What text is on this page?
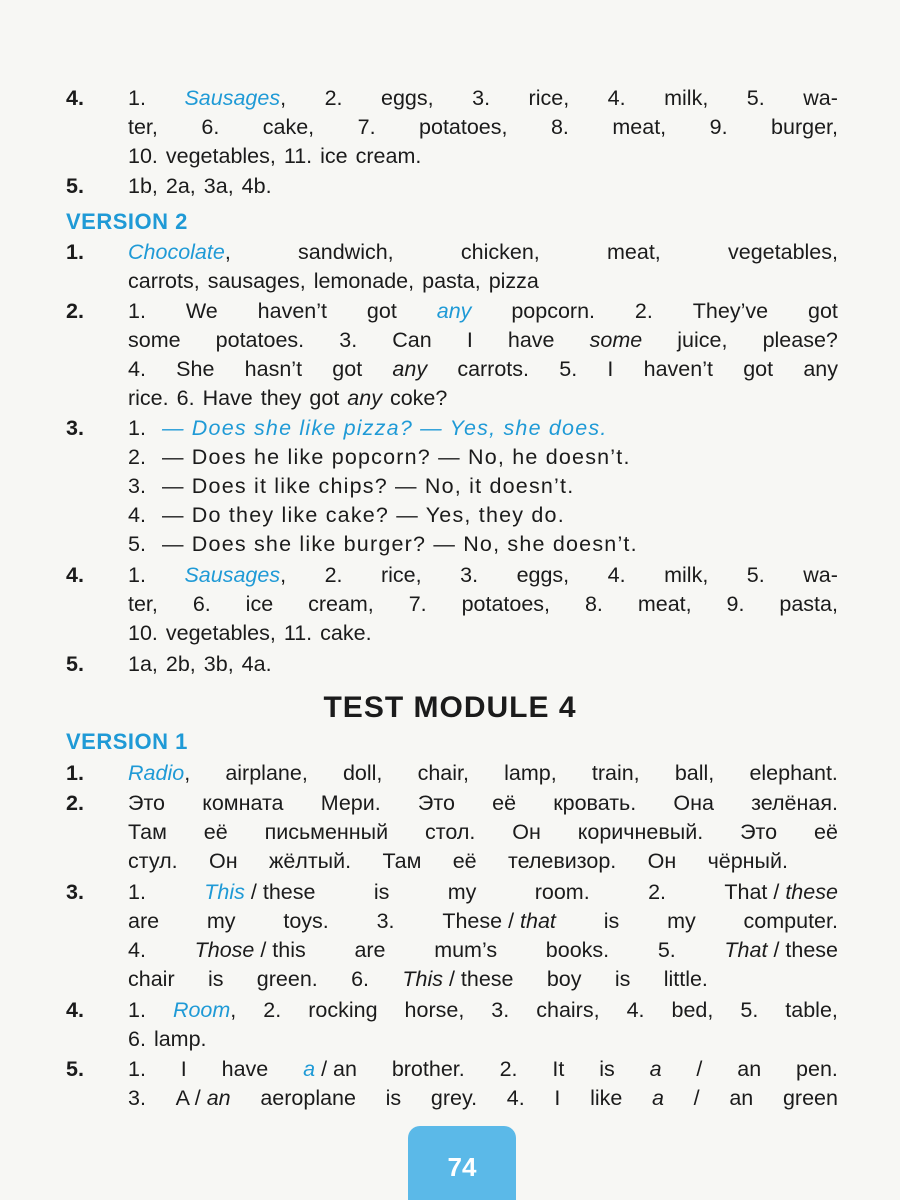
4.	1. Sausages, 2. eggs, 3. rice, 4. milk, 5. wa-
ter, 6. cake, 7. potatoes, 8. meat, 9. burger,
10. vegetables, 11. ice cream.
5.	1b, 2a, 3a, 4b.
VERSION 2
1.	Chocolate,	sandwich,	chicken,	meat,	vegetables,
carrots, sausages, lemonade, pasta, pizza
2.	1. We haven’t got any popcorn. 2. They’ve got
some potatoes. 3. Can I have some juice, please?
4. She hasn’t got any carrots. 5. I haven’t got any
rice. 6. Have they got any coke?
3.	1. — Does she like pizza? — Yes, she does.
2. — Does he like popcorn? — No, he doesn’t.
3. — Does it like chips? — No, it doesn’t.
4. — Do they like cake? — Yes, they do.
5. — Does she like burger? — No, she doesn’t.
4.	1. Sausages, 2. rice, 3. eggs, 4. milk, 5. wa-
ter, 6. ice cream, 7. potatoes, 8. meat, 9. pasta,
10. vegetables, 11. cake.
5.	1a, 2b, 3b, 4a.
TEST MODULE 4
VERSION 1
1.	Radio, airplane, doll, chair, lamp, train, ball, elephant.
2.	Это комната Мери. Это её кровать. Она зелёная.
Там её письменный стол. Он коричневый. Это её
стул. Он жёлтый. Там её телевизор. Он чёрный.
3.	1.	This / these	is	my	room.	2.	That / these
are my toys. 3. These / that is my computer.
4. Those / this are mum’s books. 5. That / these
chair is green. 6. This / these boy is little.
4.	1. Room, 2. rocking horse, 3. chairs, 4. bed, 5. table,
6. lamp.
5.	1. I have a / an brother. 2. It is a / an pen.
3. A / an aeroplane is grey. 4. I like a / an green
74
